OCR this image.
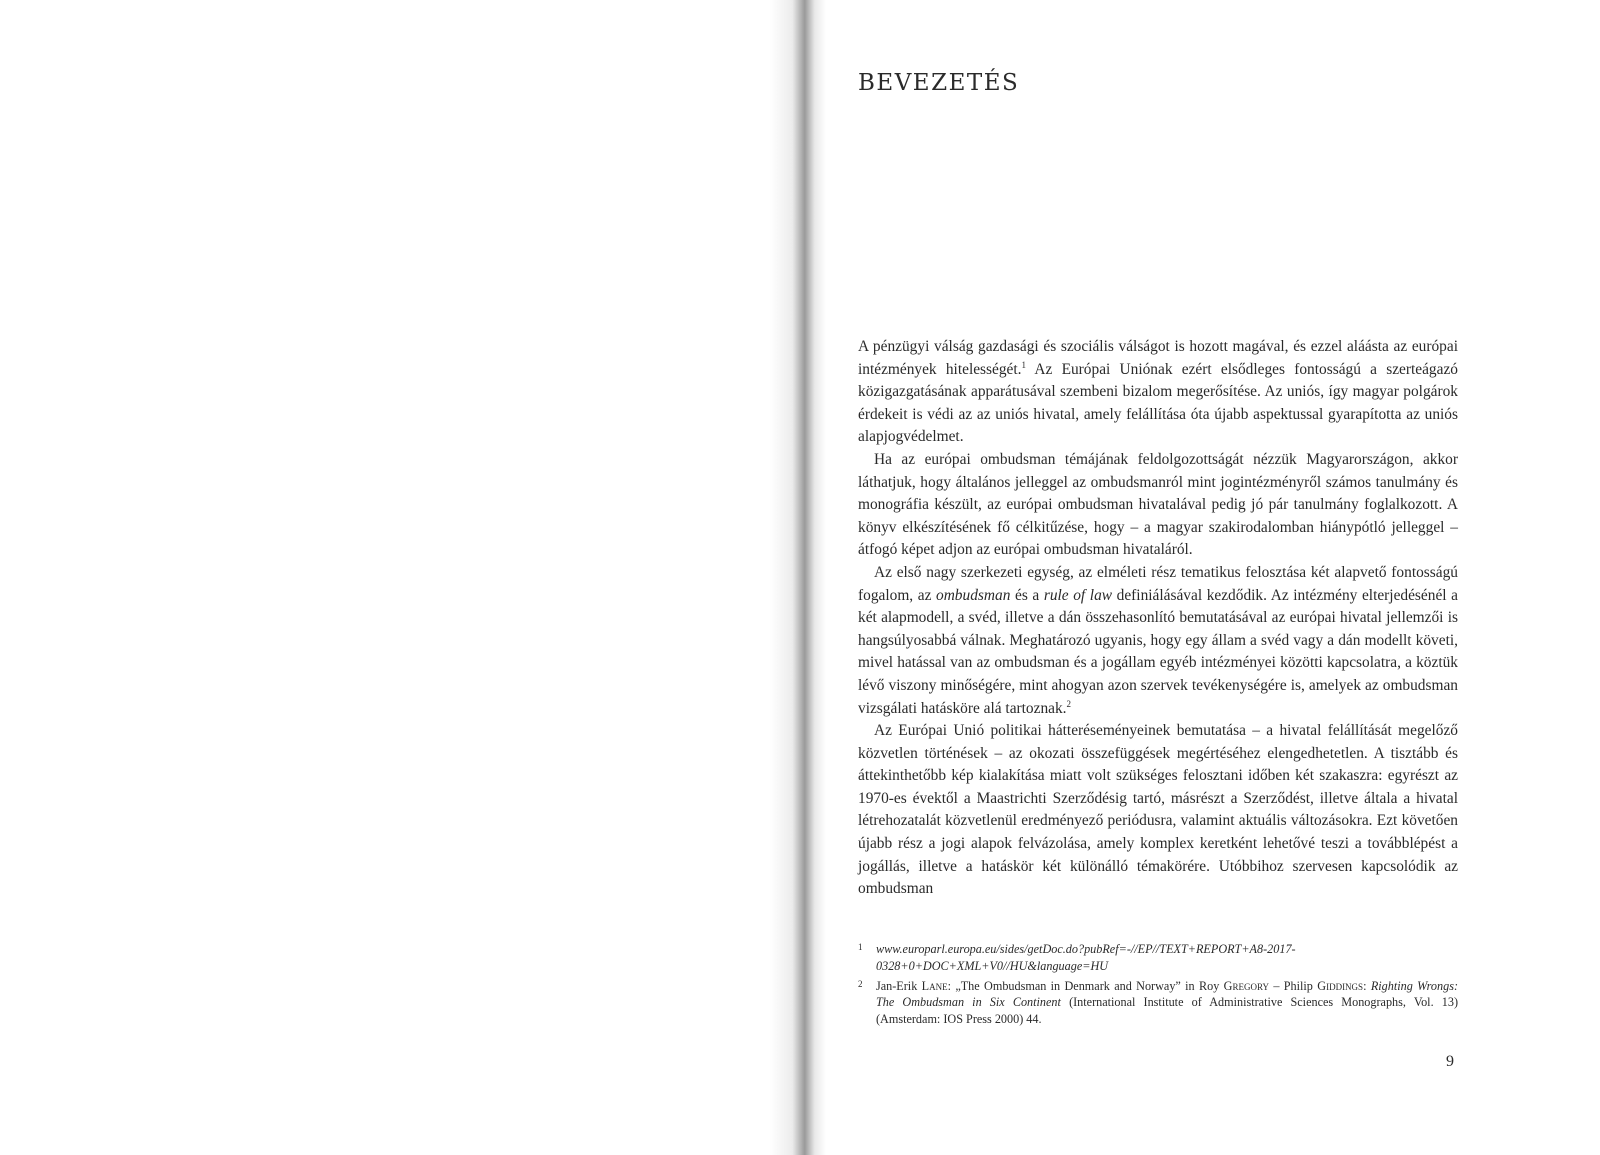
BEVEZETÉS

A pénzügyi válság gazdasági és szociális válságot is hozott magával, és ezzel aláásta az európai intézmények hitelességét.$^1$ Az Európai Uniónak ezért elsődleges fontosságú a szerteágazó közigazgatásának apparátusával szembeni bizalom megerősítése. Az uniós, így magyar polgárok érdekeit is védi az az uniós hivatal, amely felállítása óta újabb aspektussal gyarapította az uniós alapjogvédelmet.

Ha az európai ombudsman témájának feldolgozottságát nézzük Magyarországon, akkor láthatjuk, hogy általános jelleggel az ombudsmanról mint jogintézményről számos tanulmány és monográfia készült, az európai ombudsman hivatalával pedig jó pár tanulmány foglalkozott. A könyv elkészítésének fő célkitűzése, hogy – a magyar szakirodalomban hiánypótló jelleggel – átfogó képet adjon az európai ombudsman hivataláról.

Az első nagy szerkezeti egység, az elméleti rész tematikus felosztása két alapvető fontosságú fogalom, az ombudsman és a rule of law definiálásával kezdődik. Az intézmény elterjedésénél a két alapmodell, a svéd, illetve a dán összehasonlító bemutatásával az európai hivatal jellemzői is hangsúlyosabbá válnak. Meghatározó ugyanis, hogy egy állam a svéd vagy a dán modellt követi, mivel hatással van az ombudsman és a jogállam egyéb intézményei közötti kapcsolatra, a köztük lévő viszony minőségére, mint ahogyan azon szervek tevékenységére is, amelyek az ombudsman vizsgálati hatásköre alá tartoznak.$^2$

Az Európai Unió politikai hátteréseményeinek bemutatása – a hivatal felállítását megelőző közvetlen történések – az okozati összefüggések megértéséhez elengedhetetlen. A tisztább és áttekinthetőbb kép kialakítása miatt volt szükséges felosztani időben két szakaszra: egyrészt az 1970-es évektől a Maastrichti Szerződésig tartó, másrészt a Szerződést, illetve általa a hivatal létrehozatalát közvetlenül eredményező periódusra, valamint aktuális változásokra. Ezt követően újabb rész a jogi alapok felvázolása, amely komplex keretként lehetővé teszi a továbblépést a jogállás, illetve a hatáskör két különálló témakörére. Utóbbihoz szervesen kapcsolódik az ombudsman

1 www.europarl.europa.eu/sides/getDoc.do?pubRef=-//EP//TEXT+REPORT+A8-2017-0328+0+DOC+XML+V0//HU&language=HU
2 Jan-Erik Lane: „The Ombudsman in Denmark and Norway” in Roy Gregory – Philip Giddings: Righting Wrongs: The Ombudsman in Six Continent (International Institute of Administrative Sciences Monographs, Vol. 13) (Amsterdam: IOS Press 2000) 44.
9
